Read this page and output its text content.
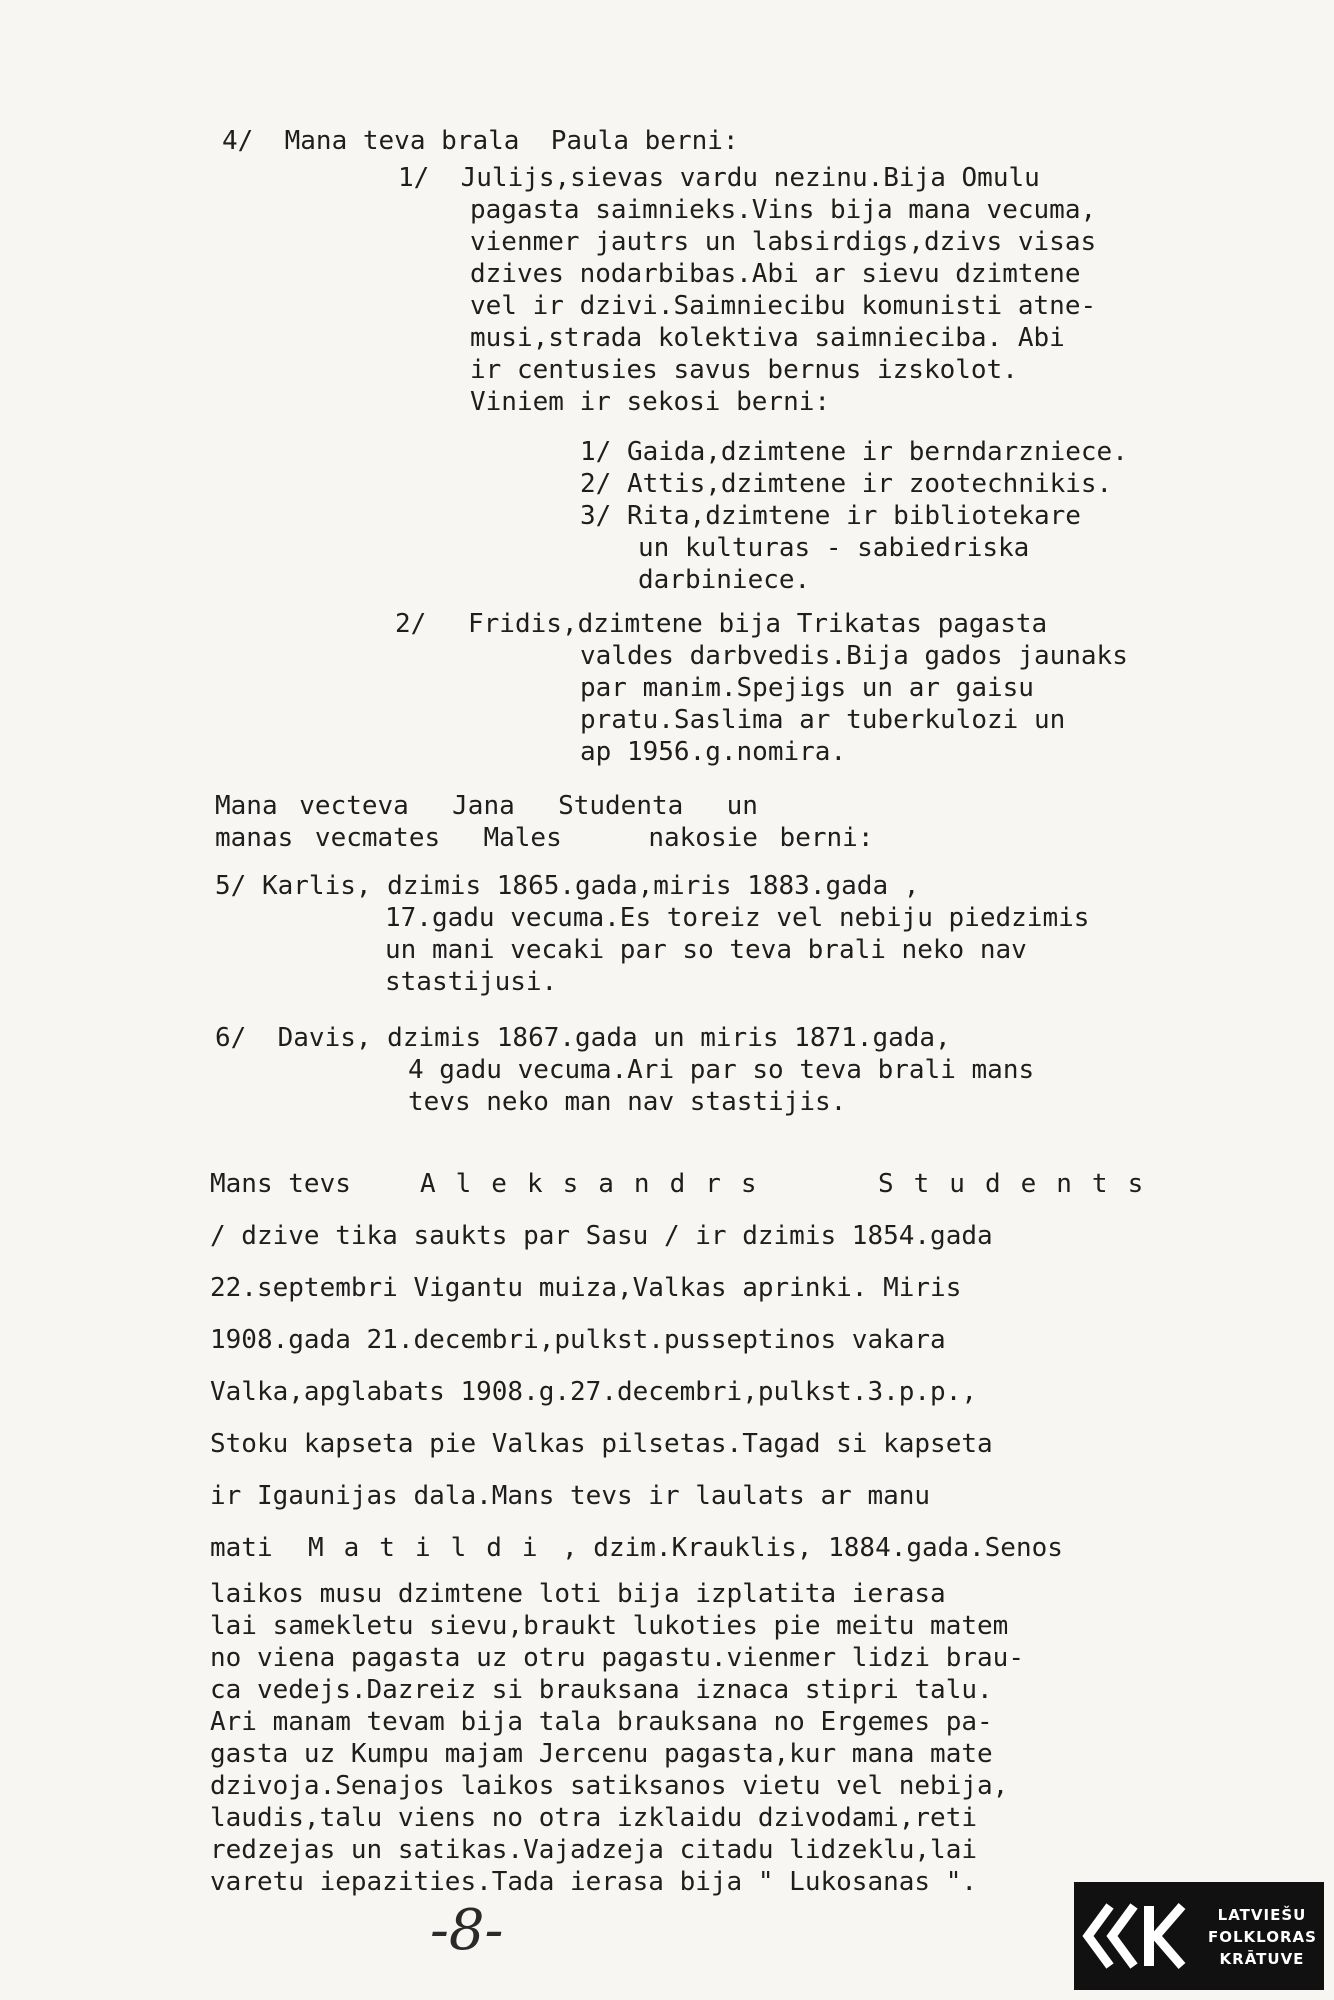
4/  Mana teva brala  Paula berni:
1/  Julijs,sievas vardu nezinu.Bija Omulu
pagasta saimnieks.Vins bija mana vecuma,
vienmer jautrs un labsirdigs,dzivs visas
dzives nodarbibas.Abi ar sievu dzimtene
vel ir dzivi.Saimniecibu komunisti atne-
musi,strada kolektiva saimnieciba. Abi
ir centusies savus bernus izskolot.
Viniem ir sekosi berni:
1/ Gaida,dzimtene ir berndarzniece.
2/ Attis,dzimtene ir zootechnikis.
3/ Rita,dzimtene ir bibliotekare
un kulturas - sabiedriska
darbiniece.
2/ Fridis,dzimtene bija Trikatas pagasta
valdes darbvedis.Bija gados jaunaks
par manim.Spejigs un ar gaisu
pratu.Saslima ar tuberkulozi un
ap 1956.g.nomira.
Mana vecteva  Jana  Studenta  un
manas vecmates  Males    nakosie berni:
5/ Karlis, dzimis 1865.gada,miris 1883.gada ,
17.gadu vecuma.Es toreiz vel nebiju piedzimis
un mani vecaki par so teva brali neko nav
stastijusi.
6/  Davis, dzimis 1867.gada un miris 1871.gada,
4 gadu vecuma.Ari par so teva brali mans
tevs neko man nav stastijis.
Mans tevs	Aleksandrs	Students
/ dzive tika saukts par Sasu / ir dzimis 1854.gada
22.septembri Vigantu muiza,Valkas aprinki. Miris
1908.gada 21.decembri,pulkst.pusseptinos vakara
Valka,apglabats 1908.g.27.decembri,pulkst.3.p.p.,
Stoku kapseta pie Valkas pilsetas.Tagad si kapseta
ir Igaunijas dala.Mans tevs ir laulats ar manu
mati Matildi , dzim.Krauklis, 1884.gada.Senos
laikos musu dzimtene loti bija izplatita ierasa
lai samekletu sievu,braukt lukoties pie meitu matem
no viena pagasta uz otru pagastu.vienmer lidzi brau-
ca vedejs.Dazreiz si brauksana iznaca stipri talu.
Ari manam tevam bija tala brauksana no Ergemes pa-
gasta uz Kumpu majam Jercenu pagasta,kur mana mate
dzivoja.Senajos laikos satiksanos vietu vel nebija,
laudis,talu viens no otra izklaidu dzivodami,reti
redzejas un satikas.Vajadzeja citadu lidzeklu,lai
varetu iepazities.Tada ierasa bija " Lukosanas ".
-8-	LATVIEŠU
FOLKLORAS
KRĀTUVE
